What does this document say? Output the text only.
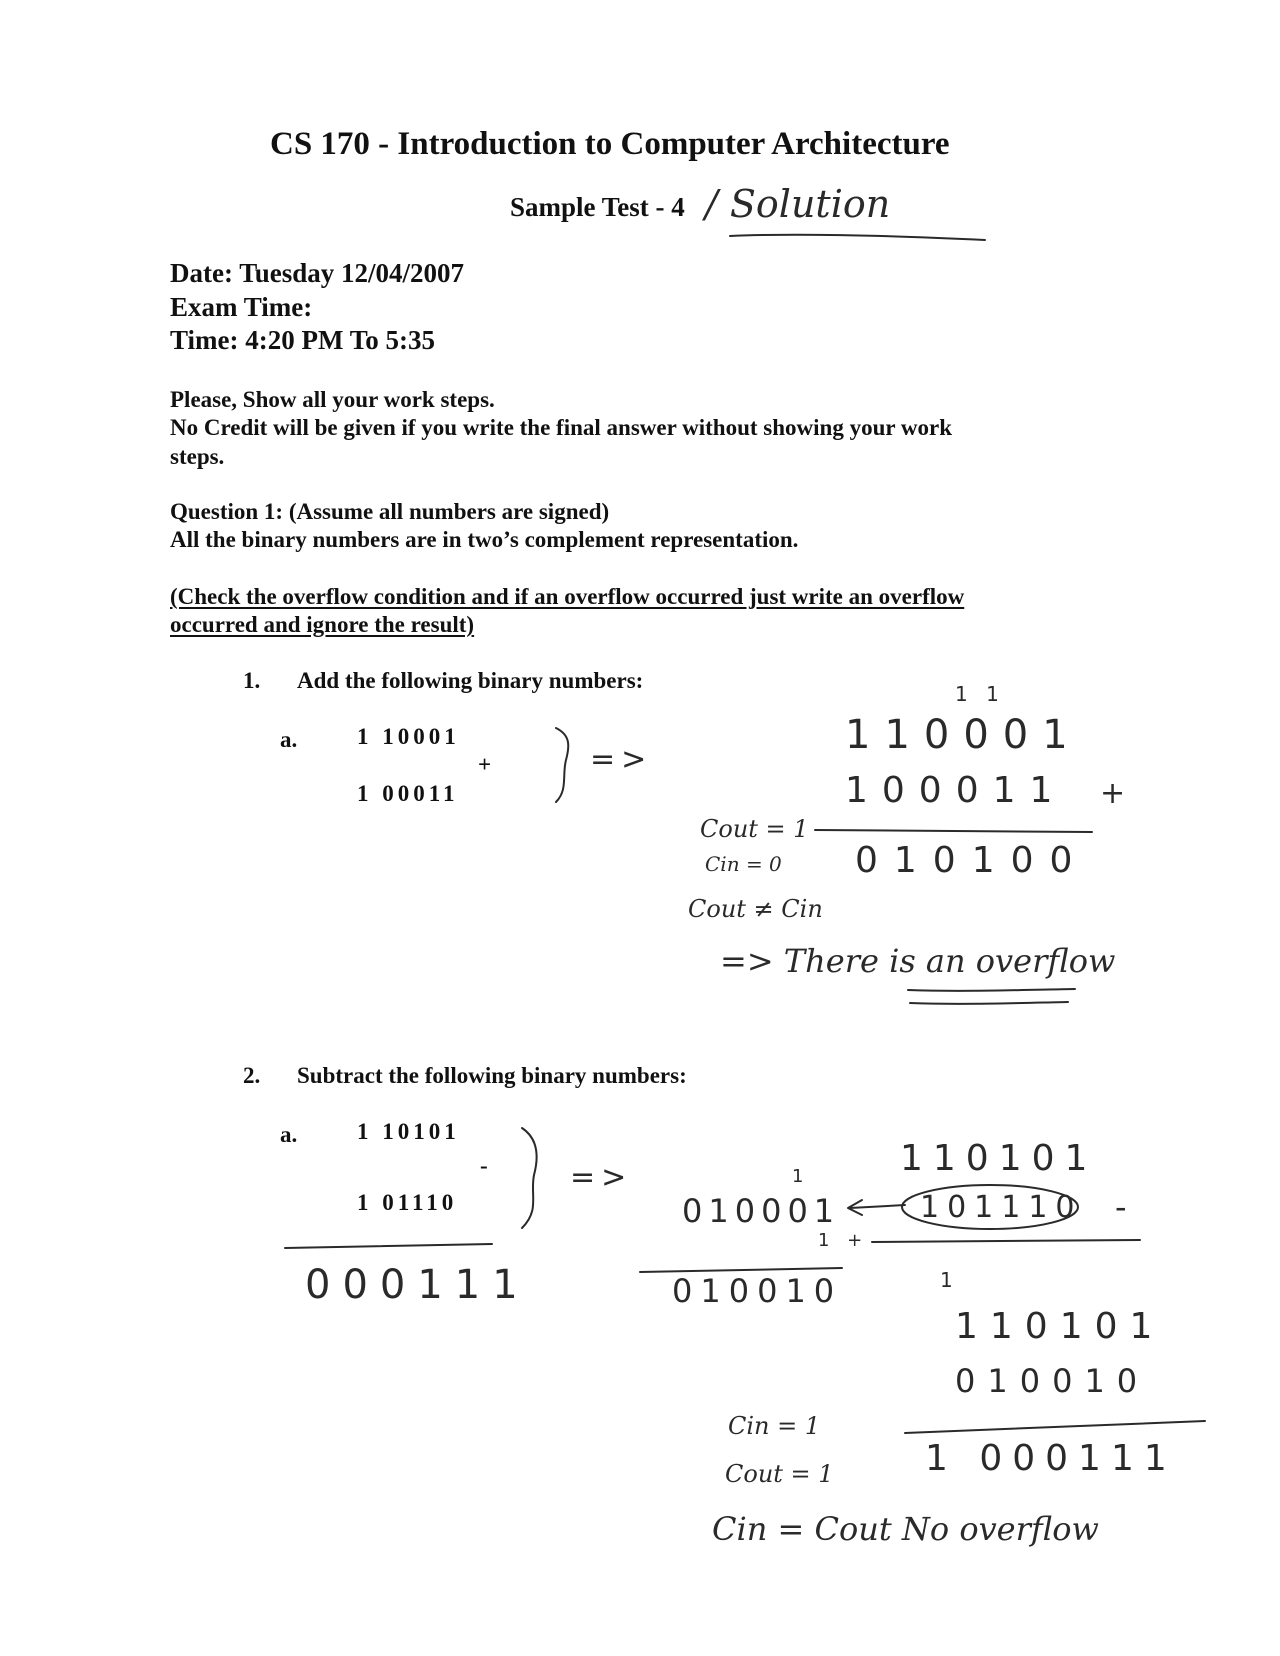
CS 170 - Introduction to Computer Architecture
Sample Test - 4 / Solution
Date: Tuesday 12/04/2007
Exam Time:
Time: 4:20 PM To 5:35
Please, Show all your work steps.
No Credit will be given if you write the final answer without showing your work
steps.
Question 1: (Assume all numbers are signed)
All the binary numbers are in two’s complement representation.
(Check the overflow condition and if an overflow occurred just write an overflow
occurred and ignore the result)
1. Add the following binary numbers:
a.	1 10001
+
1 00011
=>
1 1
110001
100011 +
010100
Cout = 1
Cin = 0
Cout ≠ Cin
=> There is an overflow
2. Subtract the following binary numbers:
a.	1 10101
-
1 01110
000111
=>	110101
101110 -
010001
1
1 +
010010	1
110101
010010
1 000111
Cin = 1
Cout = 1
Cin = Cout No overflow
